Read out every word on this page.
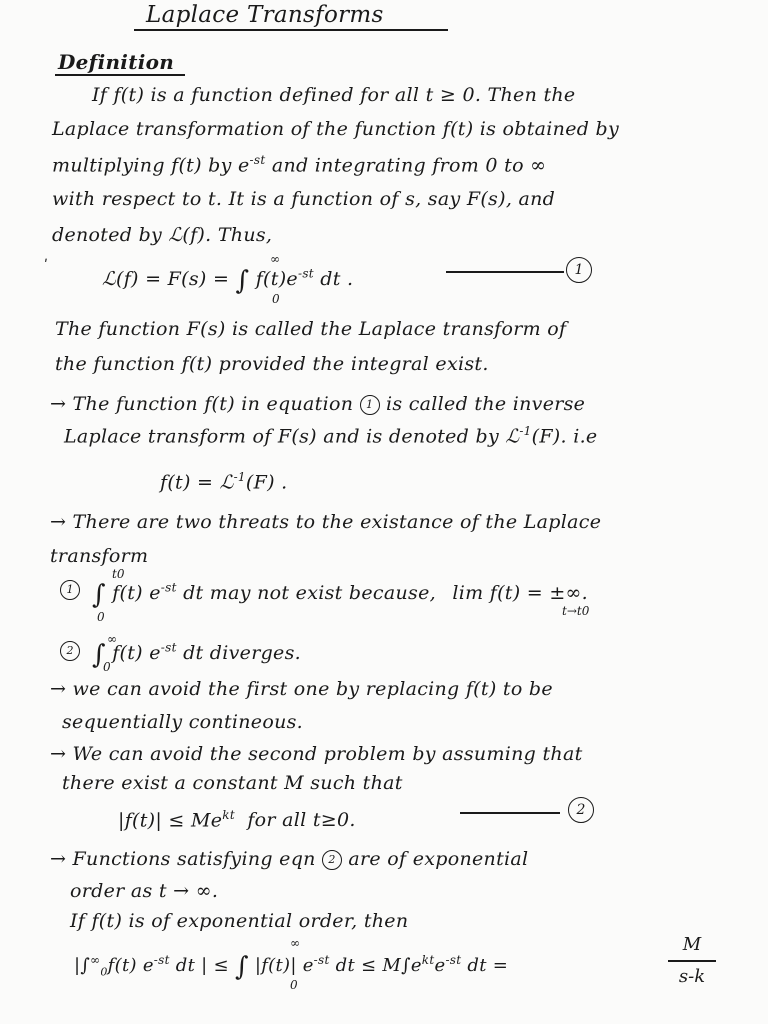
Laplace Transforms
Definition
If f(t) is a function defined for all t ≥ 0. Then the
Laplace transformation of the function f(t) is obtained by
multiplying f(t) by $e^{-st}$ and integrating from 0 to ∞
with respect to t. It is a function of s, say F(s), and
denoted by ℒ(f). Thus,
ʹ
ℒ(f) = F(s) = ∫ $f(t)e^{-st}$ dt .
∞
0
1
The function F(s) is called the Laplace transform of
the function f(t) provided the integral exist.
→ The function f(t) in equation 1 is called the inverse
Laplace transform of F(s) and is denoted by ℒ$^{-1}$(F). i.e
f(t) = ℒ$^{-1}$(F) .
→ There are two threats to the existance of the Laplace
transform
1 ∫ f(t) $e^{-st}$ dt may not exist because, lim f(t) = ±∞.
t0
0	t→t0
2 ∫ f(t) $e^{-st}$ dt diverges.
∞
0
→ we can avoid the first one by replacing f(t) to be
sequentially contineous.
→ We can avoid the second problem by assuming that
there exist a constant M such that
$|f(t)| \le Me^{kt}$ for all t≥0.	2
→ Functions satisfying eqn 2 are of exponential
order as t → ∞.
If f(t) is of exponential order, then
$|\int^\infty_0f(t)$ $e^{-st}$ dt | ≤ ∫ |f(t)| $e^{-st}$ dt ≤ $M\int e^{kt}e^{-st}$ dt =
∞
0
M
s-k
